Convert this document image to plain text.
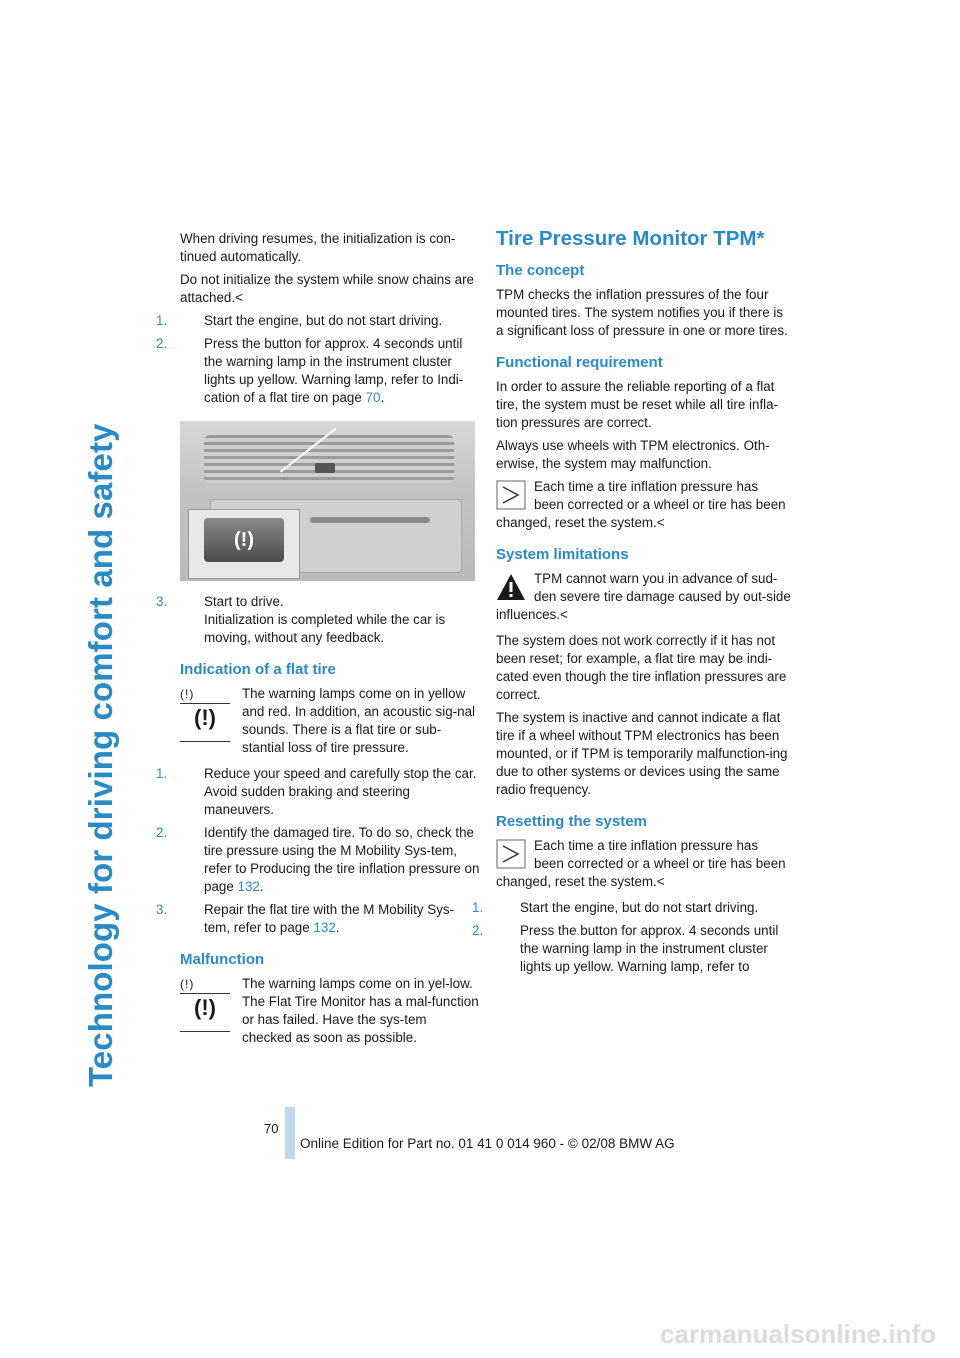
Technology for driving comfort and safety

When driving resumes, the initialization is con-tinued automatically.

Do not initialize the system while snow chains are attached.<

1.	Start the engine, but do not start driving.
2.	Press the button for approx. 4 seconds until the warning lamp in the instrument cluster lights up yellow. Warning lamp, refer to Indi-cation of a flat tire on page 70.
(!)
3.	Start to drive.
Initialization is completed while the car is moving, without any feedback.
Indication of a flat tire
(!)
(!)
The warning lamps come on in yellow and red. In addition, an acoustic sig-nal sounds. There is a flat tire or sub-stantial loss of tire pressure.
1.	Reduce your speed and carefully stop the car. Avoid sudden braking and steering maneuvers.
2.	Identify the damaged tire. To do so, check the tire pressure using the M Mobility Sys-tem, refer to Producing the tire inflation pressure on page 132.
3.	Repair the flat tire with the M Mobility Sys-tem, refer to page 132.
Malfunction
(!)
(!)
The warning lamps come on in yel-low. The Flat Tire Monitor has a mal-function or has failed. Have the sys-tem checked as soon as possible.
Tire Pressure Monitor TPM*
The concept

TPM checks the inflation pressures of the four mounted tires. The system notifies you if there is a significant loss of pressure in one or more tires.

Functional requirement

In order to assure the reliable reporting of a flat tire, the system must be reset while all tire infla-tion pressures are correct.

Always use wheels with TPM electronics. Oth-erwise, the system may malfunction.

Each time a tire inflation pressure has been corrected or a wheel or tire has been changed, reset the system.<
System limitations
TPM cannot warn you in advance of sud-den severe tire damage caused by out-side influences.<

The system does not work correctly if it has not been reset; for example, a flat tire may be indi-cated even though the tire inflation pressures are correct.

The system is inactive and cannot indicate a flat tire if a wheel without TPM electronics has been mounted, or if TPM is temporarily malfunction-ing due to other systems or devices using the same radio frequency.

Resetting the system
Each time a tire inflation pressure has been corrected or a wheel or tire has been changed, reset the system.<
1.	Start the engine, but do not start driving.
2.	Press the button for approx. 4 seconds until the warning lamp in the instrument cluster lights up yellow. Warning lamp, refer to
70
Online Edition for Part no. 01 41 0 014 960 - © 02/08 BMW AG
carmanualsonline.info
